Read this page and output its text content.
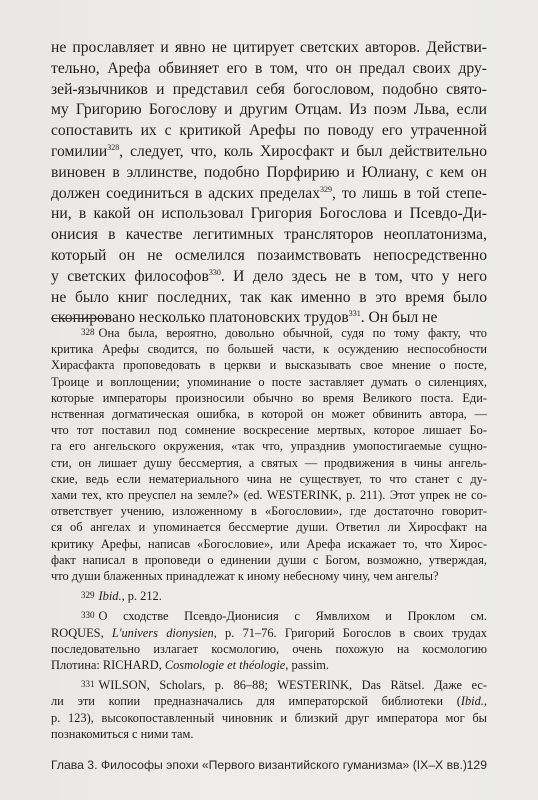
не прославляет и явно не цитирует светских авторов. Действи-
тельно, Арефа обвиняет его в том, что он предал своих дру-
зей-язычников и представил себя богословом, подобно свято-
му Григорию Богослову и другим Отцам. Из поэм Льва, если
сопоставить их с критикой Арефы по поводу его утраченной
гомилии$^{328}$, следует, что, коль Хиросфакт и был действительно
виновен в эллинстве, подобно Порфирию и Юлиану, с кем он
должен соединиться в адских пределах$^{329}$, то лишь в той степе-
ни, в какой он использовал Григория Богослова и Псевдо-Ди-
онисия в качестве легитимных трансляторов неоплатонизма,
который он не осмелился позаимствовать непосредственно
у светских философов$^{330}$. И дело здесь не в том, что у него
не было книг последних, так как именно в это время было
скопировано несколько платоновских трудов$^{331}$. Он был не
328 Она была, вероятно, довольно обычной, судя по тому факту, что
критика Арефы сводится, по большей части, к осуждению неспособности
Хирасфакта проповедовать в церкви и высказывать свое мнение о посте,
Троице и воплощении; упоминание о посте заставляет думать о силенциях,
которые императоры произносили обычно во время Великого поста. Еди-
нственная догматическая ошибка, в которой он может обвинить автора, —
что тот поставил под сомнение воскресение мертвых, которое лишает Бо-
га его ангельского окружения, «так что, упразднив умопостигаемые сущно-
сти, он лишает душу бессмертия, а святых — продвижения в чины ангель-
ские, ведь если нематериального чина не существует, то что станет с ду-
хами тех, кто преуспел на земле?» (ed. WESTERINK, p. 211). Этот упрек не со-
ответствует учению, изложенному в «Богословии», где достаточно говорит-
ся об ангелах и упоминается бессмертие души. Ответил ли Хиросфакт на
критику Арефы, написав «Богословие», или Арефа искажает то, что Хирос-
факт написал в проповеди о единении души с Богом, возможно, утверждая,
что души блаженных принадлежат к иному небесному чину, чем ангелы?
329 Ibid., p. 212.
330 О сходстве Псевдо-Дионисия с Ямвлихом и Проклом см.
ROQUES, L'univers dionysien, p. 71–76. Григорий Богослов в своих трудах
последовательно излагает космологию, очень похожую на космологию
Плотина: RICHARD, Cosmologie et théologie, passim.
331 WILSON, Scholars, p. 86–88; WESTERINK, Das Rätsel. Даже ес-
ли эти копии предназначались для императорской библиотеки (Ibid.,
p. 123), высокопоставленный чиновник и близкий друг императора мог бы
познакомиться с ними там.
Глава 3. Философы эпохи «Первого византийского гуманизма» (IX–X вв.) 129
